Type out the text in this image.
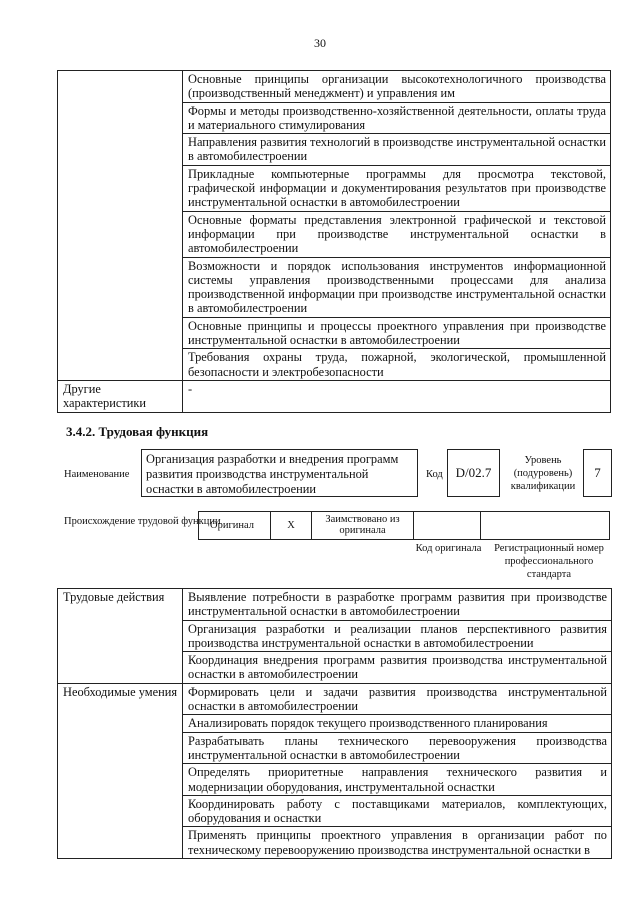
30
	Основные принципы организации высокотехнологичного производства (производственный менеджмент) и управления им
	Формы и методы производственно-хозяйственной деятельности, оплаты труда и материального стимулирования
	Направления развития технологий в производстве инструментальной оснастки в автомобилестроении
	Прикладные компьютерные программы для просмотра текстовой, графической информации и документирования результатов при производстве инструментальной оснастки в автомобилестроении
	Основные форматы представления электронной графической и текстовой информации при производстве инструментальной оснастки в автомобилестроении
	Возможности и порядок использования инструментов информационной системы управления производственными процессами для анализа производственной информации при производстве инструментальной оснастки в автомобилестроении
	Основные принципы и процессы проектного управления при производстве инструментальной оснастки в автомобилестроении
	Требования охраны труда, пожарной, экологической, промышленной безопасности и электробезопасности
Другие характеристики	-
3.4.2. Трудовая функция
Наименование
Организация разработки и внедрения программ развития производства инструментальной оснастки в автомобилестроении
Код D/02.7
Уровень (подуровень) квалификации
7
Происхождение трудовой функции
Оригинал	X
Заимствовано из оригинала
Код оригинала	Регистрационный номер профессионального стандарта
Трудовые действия	Выявление потребности в разработке программ развития при производстве инструментальной оснастки в автомобилестроении
	Организация разработки и реализации планов перспективного развития производства инструментальной оснастки в автомобилестроении
	Координация внедрения программ развития производства инструментальной оснастки в автомобилестроении
Необходимые умения	Формировать цели и задачи развития производства инструментальной оснастки в автомобилестроении
	Анализировать порядок текущего производственного планирования
	Разрабатывать планы технического перевооружения производства инструментальной оснастки в автомобилестроении
	Определять приоритетные направления технического развития и модернизации оборудования, инструментальной оснастки
	Координировать работу с поставщиками материалов, комплектующих, оборудования и оснастки
	Применять принципы проектного управления в организации работ по техническому перевооружению производства инструментальной оснастки в
